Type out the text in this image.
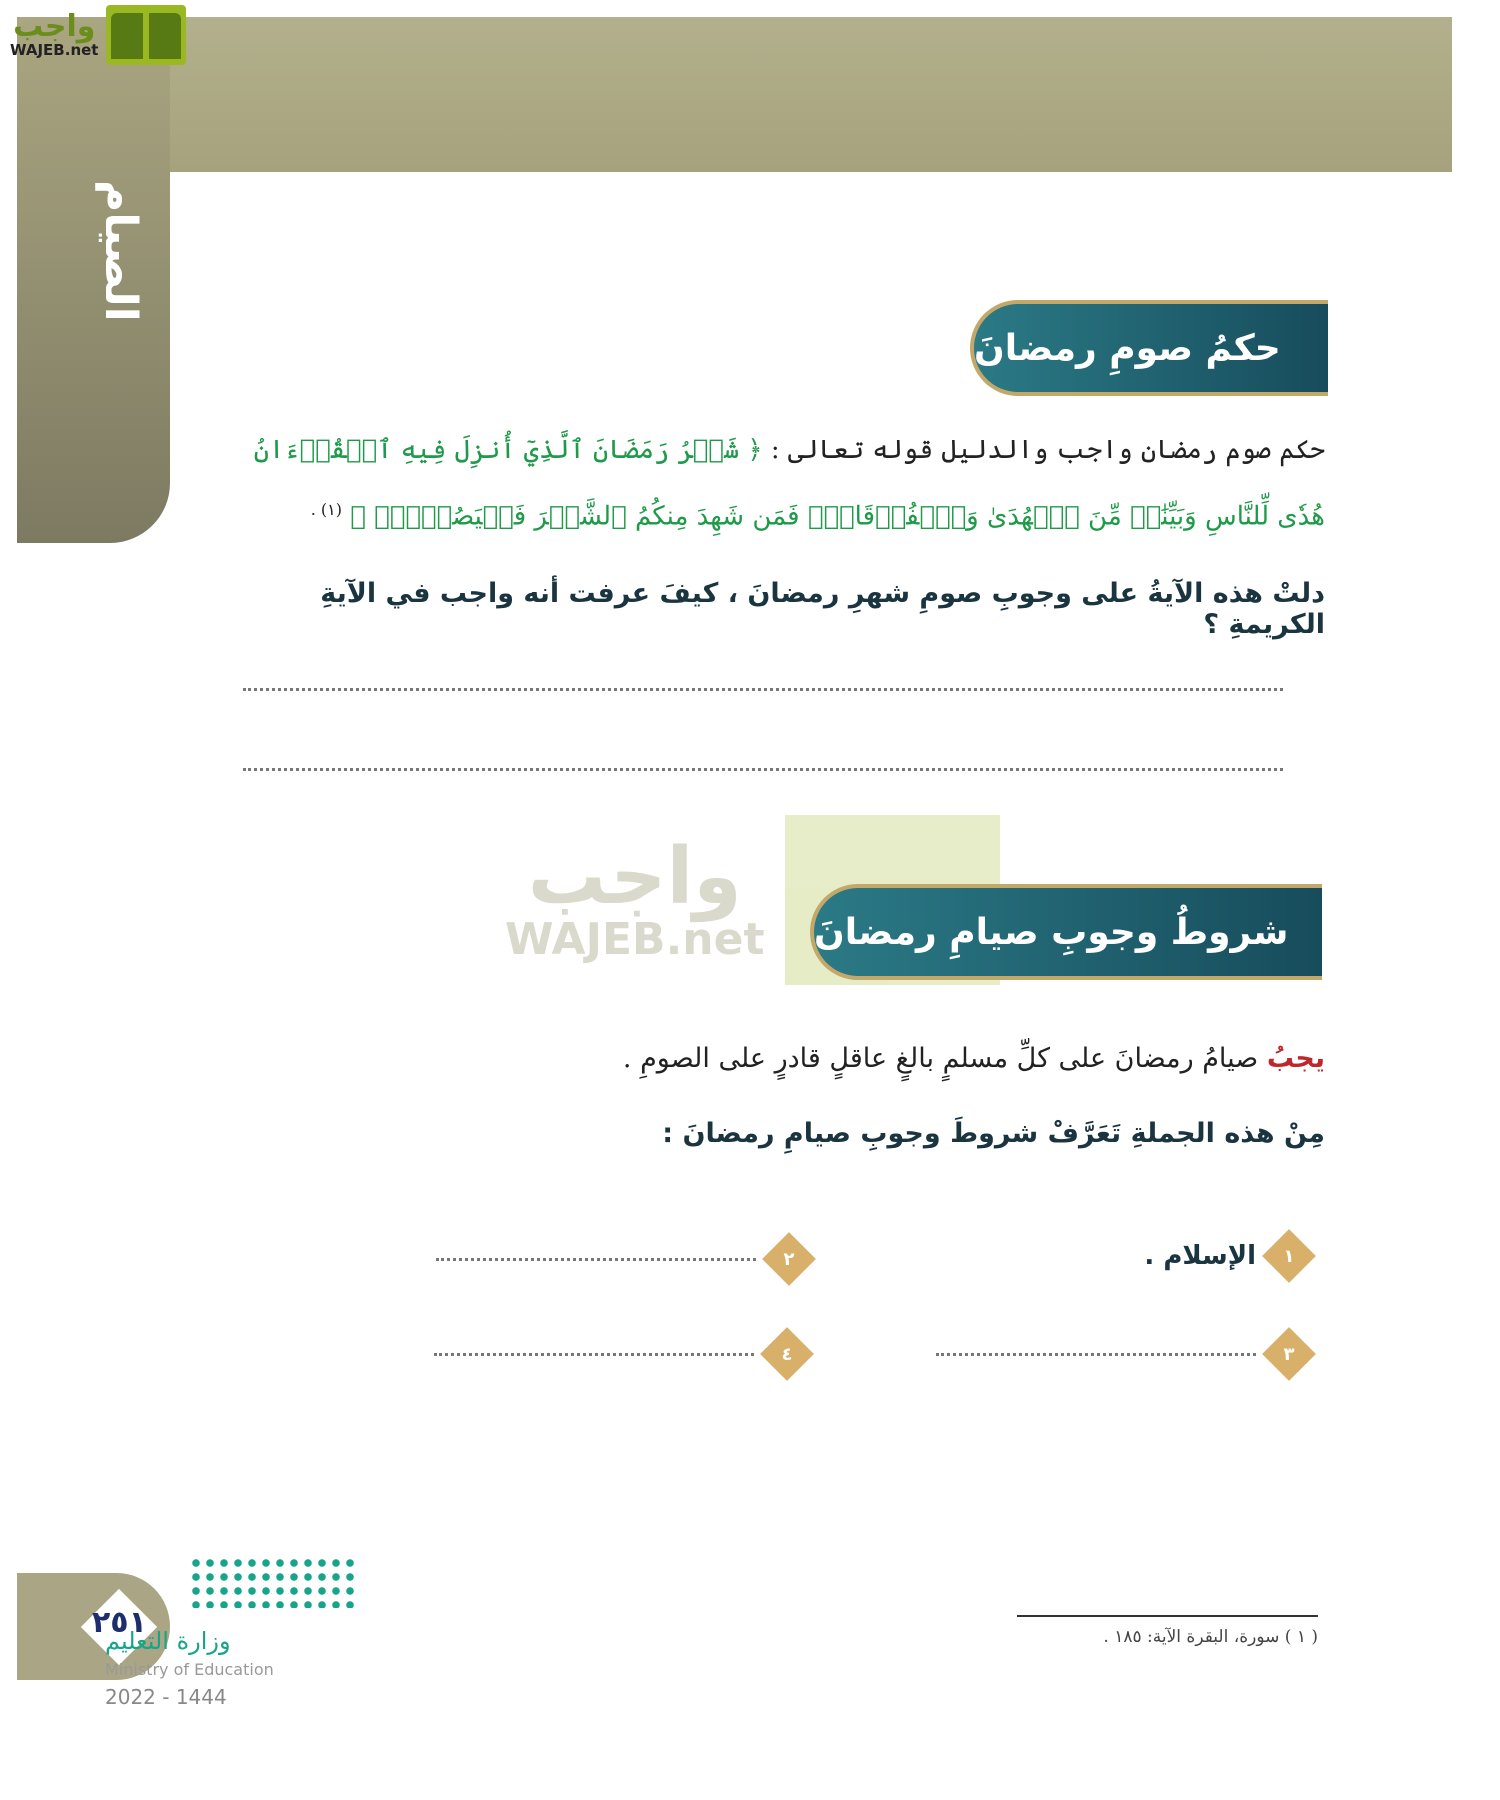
الصيام
واجب
WAJEB.net
حكمُ صومِ رمضانَ
حكم صوم رمضان واجب والدليل قوله تعالى : ﴿ شَهۡرُ رَمَضَانَ ٱلَّذِيٓ أُنزِلَ فِيهِ ٱلۡقُرۡءَانُ
هُدٗى لِّلنَّاسِ وَبَيِّنَٰتٖ مِّنَ ٱلۡهُدَىٰ وَٱلۡفُرۡقَانِۚ فَمَن شَهِدَ مِنكُمُ ٱلشَّهۡرَ فَلۡيَصُمۡهُۖ ﴾ $^{(١) .}$
دلتْ هذه الآيةُ على وجوبِ صومِ شهرِ رمضانَ ، كيفَ عرفت أنه واجب في الآيةِ الكريمةِ ؟
واجب
WAJEB.net شروطُ وجوبِ صيامِ رمضانَ
يجبُ صيامُ رمضانَ على كلِّ مسلمٍ بالغٍ عاقلٍ قادرٍ على الصومِ .
مِنْ هذه الجملةِ تَعَرَّفْ شروطَ وجوبِ صيامِ رمضانَ :
١
الإسلام .
٢
٣
٤
( ١ ) سورة، البقرة الآية: ١٨٥ .
٢٥١
وزارة التعليم
Ministry of Education
2022 - 1444
